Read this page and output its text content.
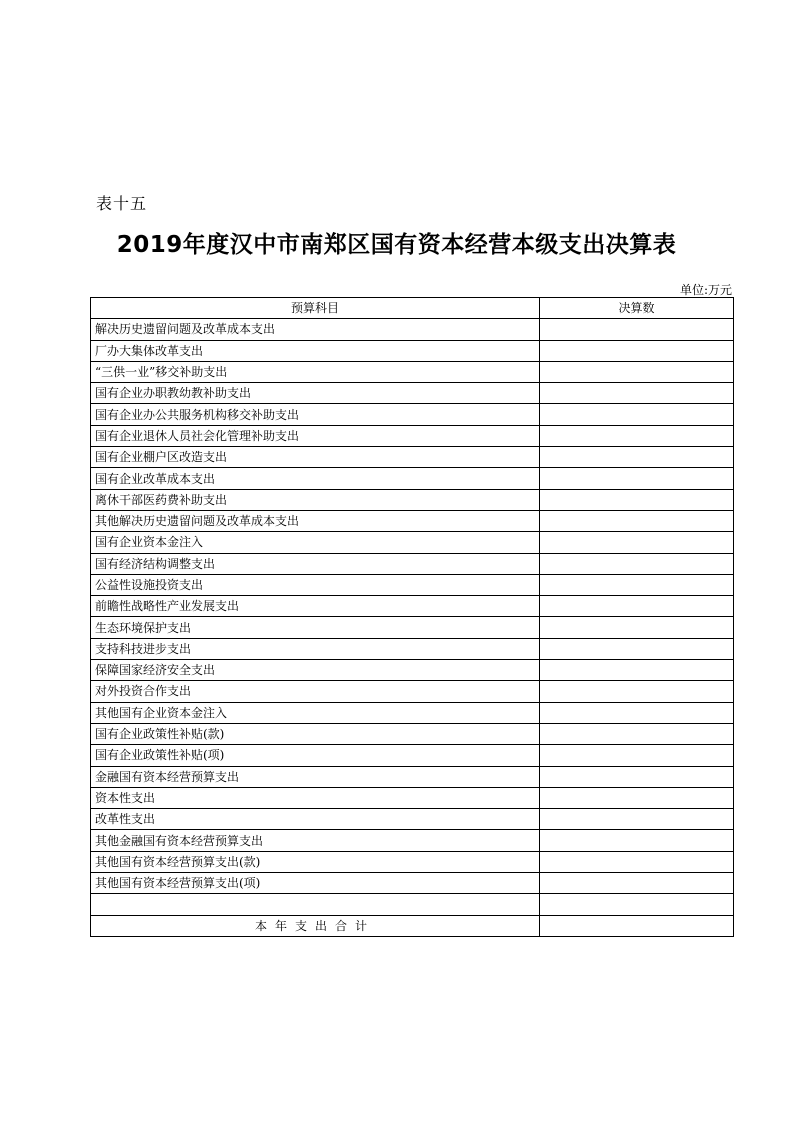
表十五
2019年度汉中市南郑区国有资本经营本级支出决算表
单位:万元
预算科目	决算数
解决历史遗留问题及改革成本支出	
厂办大集体改革支出	
“三供一业”移交补助支出	
国有企业办职教幼教补助支出	
国有企业办公共服务机构移交补助支出	
国有企业退休人员社会化管理补助支出	
国有企业棚户区改造支出	
国有企业改革成本支出	
离休干部医药费补助支出	
其他解决历史遗留问题及改革成本支出	
国有企业资本金注入	
国有经济结构调整支出	
公益性设施投资支出	
前瞻性战略性产业发展支出	
生态环境保护支出	
支持科技进步支出	
保障国家经济安全支出	
对外投资合作支出	
其他国有企业资本金注入	
国有企业政策性补贴(款)	
国有企业政策性补贴(项)	
金融国有资本经营预算支出	
资本性支出	
改革性支出	
其他金融国有资本经营预算支出	
其他国有资本经营预算支出(款)	
其他国有资本经营预算支出(项)	

本年支出合计	
